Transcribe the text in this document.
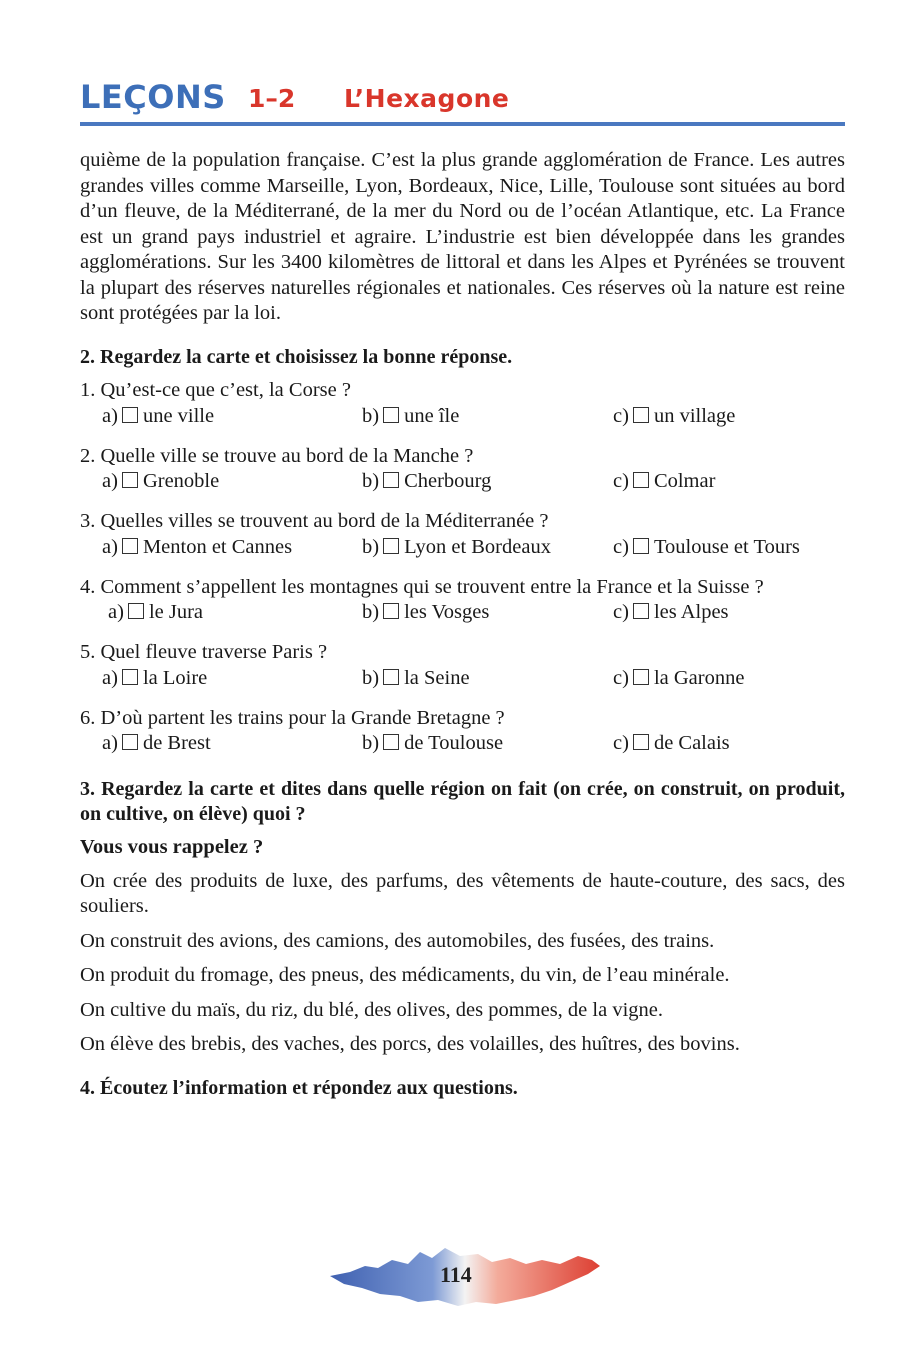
LEÇONS 1–2 L’Hexagone

quième de la population française. C’est la plus grande agglomération de France. Les autres grandes villes comme Marseille, Lyon, Bordeaux, Nice, Lille, Toulouse sont situées au bord d’un fleuve, de la Méditerrané, de la mer du Nord ou de l’océan Atlantique, etc. La France est un grand pays industriel et agraire. L’industrie est bien développée dans les grandes agglomérations. Sur les 3400 kilomètres de littoral et dans les Alpes et Pyrénées se trouvent la plupart des réserves naturelles régionales et nationales. Ces réserves où la nature est reine sont protégées par la loi.

2. Regardez la carte et choisissez la bonne réponse.
1. Qu’est-ce que c’est, la Corse ?
a) une ville	b) une île	c) un village
2. Quelle ville se trouve au bord de la Manche ?
a) Grenoble	b) Cherbourg	c) Colmar
3. Quelles villes se trouvent au bord de la Méditerranée ?
a) Menton et Cannes	b) Lyon et Bordeaux	c) Toulouse et Tours
4. Comment s’appellent les montagnes qui se trouvent entre la France et la Suisse ?
a) le Jura	b) les Vosges	c) les Alpes
5. Quel fleuve traverse Paris ?
a) la Loire	b) la Seine	c) la Garonne
6. D’où partent les trains pour la Grande Bretagne ?
a) de Brest	b) de Toulouse	c) de Calais
3. Regardez la carte et dites dans quelle région on fait (on crée, on construit, on produit, on cultive, on élève) quoi ?
Vous vous rappelez ?

On crée des produits de luxe, des parfums, des vêtements de haute-couture, des sacs, des souliers.

On construit des avions, des camions, des automobiles, des fusées, des trains.

On produit du fromage, des pneus, des médicaments, du vin, de l’eau minérale.

On cultive du maïs, du riz, du blé, des olives, des pommes, de la vigne.

On élève des brebis, des vaches, des porcs, des volailles, des huîtres, des bovins.

4. Écoutez l’information et répondez aux questions.
114
